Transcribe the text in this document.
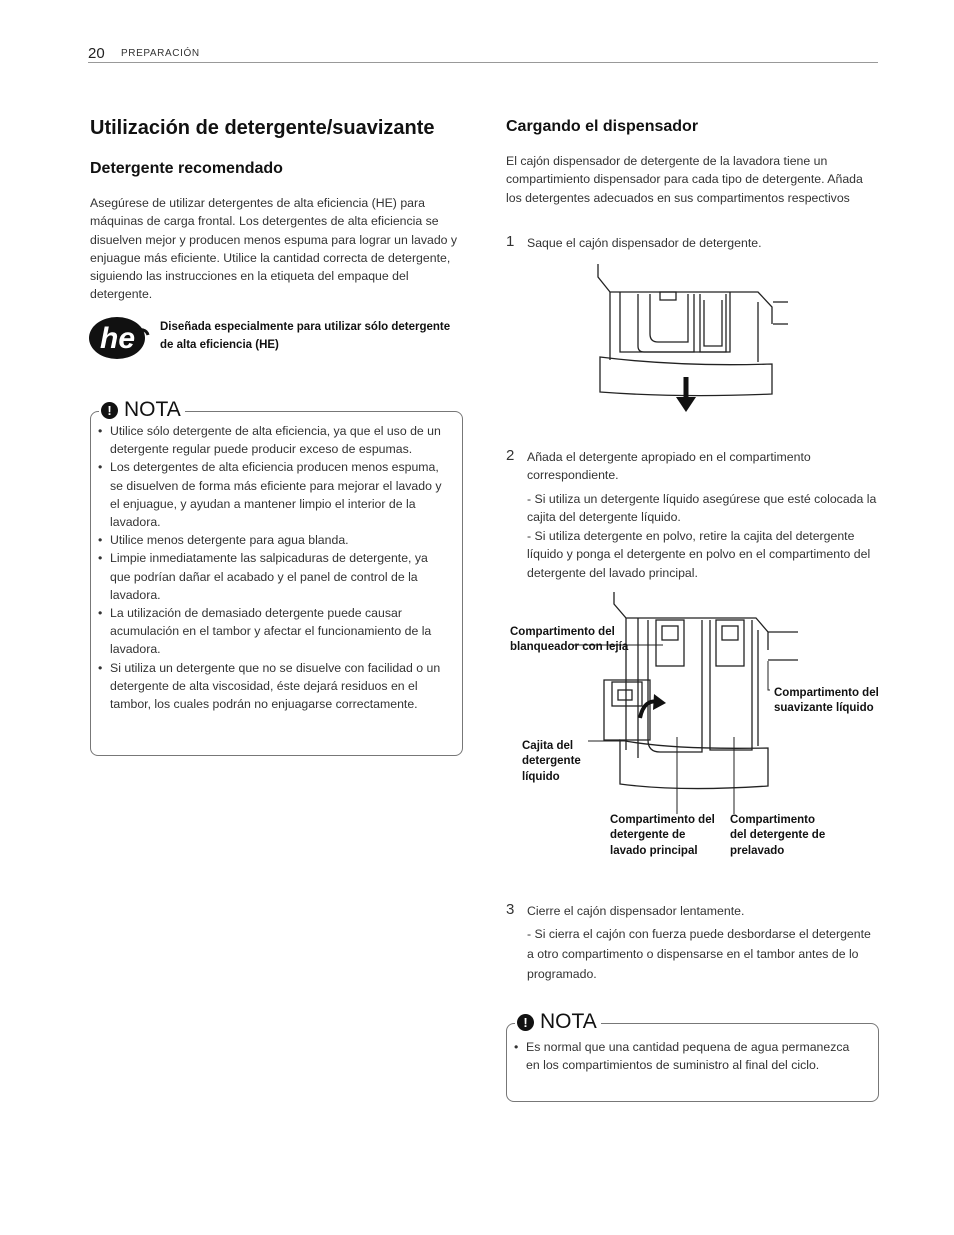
20 PREPARACIÓN
Utilización de detergente/suavizante
Detergente recomendado
Asegúrese de utilizar detergentes de alta eficiencia (HE) para máquinas de carga frontal. Los detergentes de alta eficiencia se disuelven mejor y producen menos espuma para lograr un lavado y enjuague más eficiente. Utilice la cantidad correcta de detergente, siguiendo las instrucciones en la etiqueta del empaque del detergente.
he Diseñada especialmente para utilizar sólo detergente de alta eficiencia (HE)
! NOTA
• Utilice sólo detergente de alta eficiencia, ya que el uso de un detergente regular puede producir exceso de espumas.
• Los detergentes de alta eficiencia producen menos espuma, se disuelven de forma más eficiente para mejorar el lavado y el enjuague, y ayudan a mantener limpio el interior de la lavadora.
• Utilice menos detergente para agua blanda.
• Limpie inmediatamente las salpicaduras de detergente, ya que podrían dañar el acabado y el panel de control de la lavadora.
• La utilización de demasiado detergente puede causar acumulación en el tambor y afectar el funcionamiento de la lavadora.
• Si utiliza un detergente que no se disuelve con facilidad o un detergente de alta viscosidad, éste dejará residuos en el tambor, los cuales podrán no enjuagarse correctamente.
Cargando el dispensador
El cajón dispensador de detergente de la lavadora tiene un compartimiento dispensador para cada tipo de detergente. Añada los detergentes adecuados en sus compartimentos respectivos
1 Saque el cajón dispensador de detergente.
2 Añada el detergente apropiado en el compartimento correspondiente.
- Si utiliza un detergente líquido asegúrese que esté colocada la cajita del detergente líquido.
- Si utiliza detergente en polvo, retire la cajita del detergente líquido y ponga el detergente en polvo en el compartimento del detergente del lavado principal.
Compartimento del blanqueador con lejía
Cajita del detergente líquido
Compartimento del suavizante líquido
Compartimento del detergente de lavado principal
Compartimento del detergente de prelavado
3 Cierre el cajón dispensador lentamente.
- Si cierra el cajón con fuerza puede desbordarse el detergente a otro compartimento o dispensarse en el tambor antes de lo programado.
! NOTA
• Es normal que una cantidad pequena de agua permanezca en los compartimientos de suministro al final del ciclo.
